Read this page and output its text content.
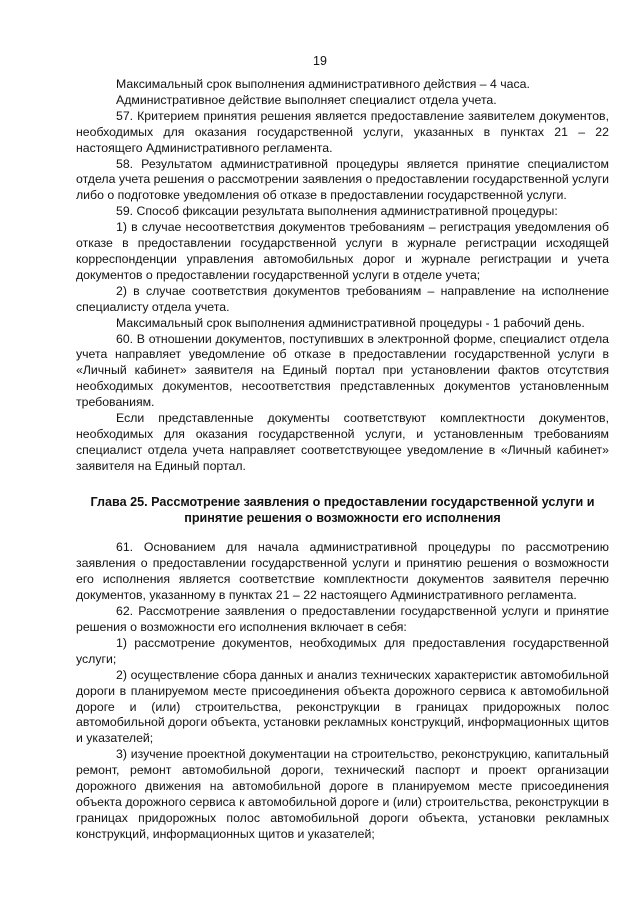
19

Максимальный срок выполнения административного действия – 4 часа.

Административное действие выполняет специалист отдела учета.

57. Критерием принятия решения является предоставление заявителем документов, необходимых для оказания государственной услуги, указанных в пунктах 21 – 22 настоящего Административного регламента.

58. Результатом административной процедуры является принятие специалистом отдела учета решения о рассмотрении заявления о предоставлении государственной услуги либо о подготовке уведомления об отказе в предоставлении государственной услуги.

59. Способ фиксации результата выполнения административной процедуры:

1) в случае несоответствия документов требованиям – регистрация уведомления об отказе в предоставлении государственной услуги в журнале регистрации исходящей корреспонденции управления автомобильных дорог и журнале регистрации и учета документов о предоставлении государственной услуги в отделе учета;

2) в случае соответствия документов требованиям – направление на исполнение специалисту отдела учета.

Максимальный срок выполнения административной процедуры - 1 рабочий день.

60. В отношении документов, поступивших в электронной форме, специалист отдела учета направляет уведомление об отказе в предоставлении государственной услуги в «Личный кабинет» заявителя на Единый портал при установлении фактов отсутствия необходимых документов, несоответствия представленных документов установленным требованиям.

Если представленные документы соответствуют комплектности документов, необходимых для оказания государственной услуги, и установленным требованиям специалист отдела учета направляет соответствующее уведомление в «Личный кабинет» заявителя на Единый портал.

Глава 25. Рассмотрение заявления о предоставлении государственной услуги и принятие решения о возможности его исполнения

61. Основанием для начала административной процедуры по рассмотрению заявления о предоставлении государственной услуги и принятию решения о возможности его исполнения является соответствие комплектности документов заявителя перечню документов, указанному в пунктах 21 – 22 настоящего Административного регламента.

62. Рассмотрение заявления о предоставлении государственной услуги и принятие решения о возможности его исполнения включает в себя:

1) рассмотрение документов, необходимых для предоставления государственной услуги;

2) осуществление сбора данных и анализ технических характеристик автомобильной дороги в планируемом месте присоединения объекта дорожного сервиса к автомобильной дороге и (или) строительства, реконструкции в границах придорожных полос автомобильной дороги объекта, установки рекламных конструкций, информационных щитов и указателей;

3) изучение проектной документации на строительство, реконструкцию, капитальный ремонт, ремонт автомобильной дороги, технический паспорт и проект организации дорожного движения на автомобильной дороге в планируемом месте присоединения объекта дорожного сервиса к автомобильной дороге и (или) строительства, реконструкции в границах придорожных полос автомобильной дороги объекта, установки рекламных конструкций, информационных щитов и указателей;
